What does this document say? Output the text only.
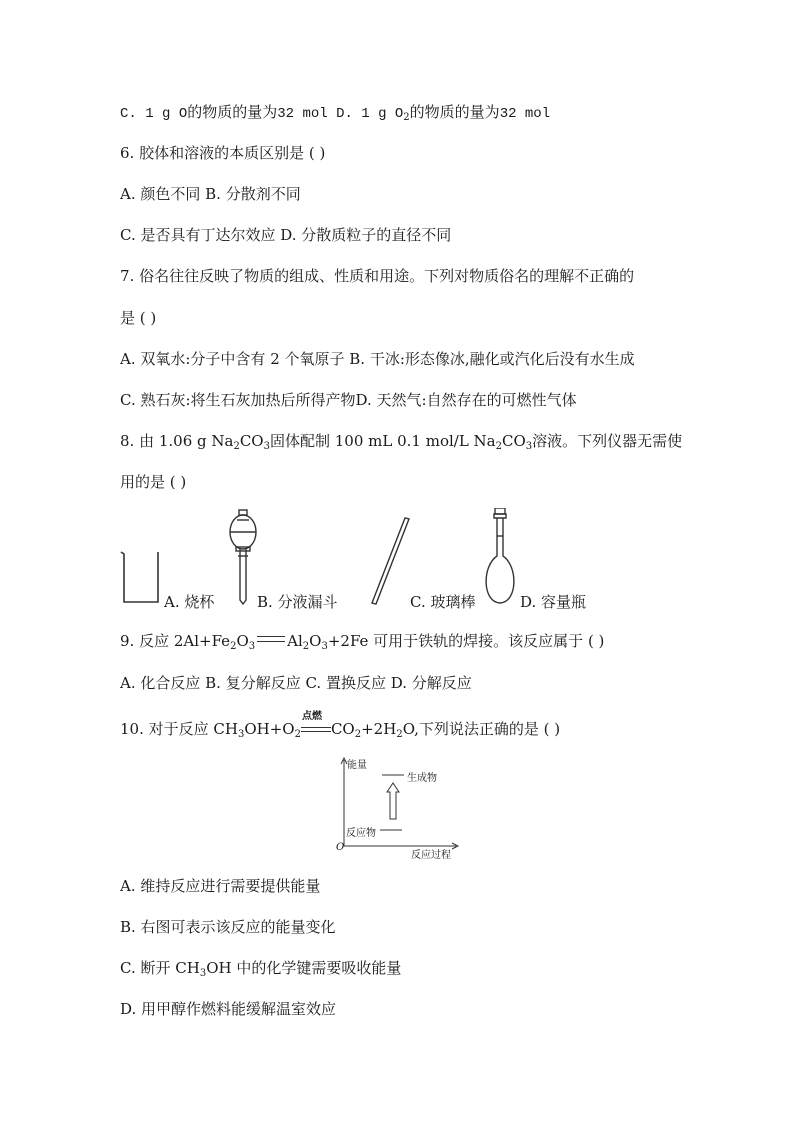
C. 1 g O的物质的量为32 mol D. 1 g $O_2$的物质的量为32 mol
6. 胶体和溶液的本质区别是 ( )
A. 颜色不同 B. 分散剂不同
C. 是否具有丁达尔效应 D. 分散质粒子的直径不同
7. 俗名往往反映了物质的组成、性质和用途。下列对物质俗名的理解不正确的
是 ( )
A. 双氧水:分子中含有 2 个氧原子 B. 干冰:形态像冰,融化或汽化后没有水生成
C. 熟石灰:将生石灰加热后所得产物D. 天然气:自然存在的可燃性气体
8. 由 1.06 g $Na_2CO_3$固体配制 100 mL 0.1 mol/L $Na_2CO_3$溶液。下列仪器无需使
用的是 ( )
A. 烧杯	B. 分液漏斗	C. 玻璃棒	D. 容量瓶
9. 反应 $2Al+Fe_2O_3$ $Al_2O_3+2Fe$ 可用于铁轨的焊接。该反应属于 ( )
A. 化合反应 B. 复分解反应 C. 置换反应 D. 分解反应
10. 对于反应 $CH_3OH+O_2$
点燃
$CO_2+2H_2O$,下列说法正确的是 ( )
能量
生成物
反应物
O
反应过程
A. 维持反应进行需要提供能量
B. 右图可表示该反应的能量变化
C. 断开 $CH_3OH$ 中的化学键需要吸收能量
D. 用甲醇作燃料能缓解温室效应
